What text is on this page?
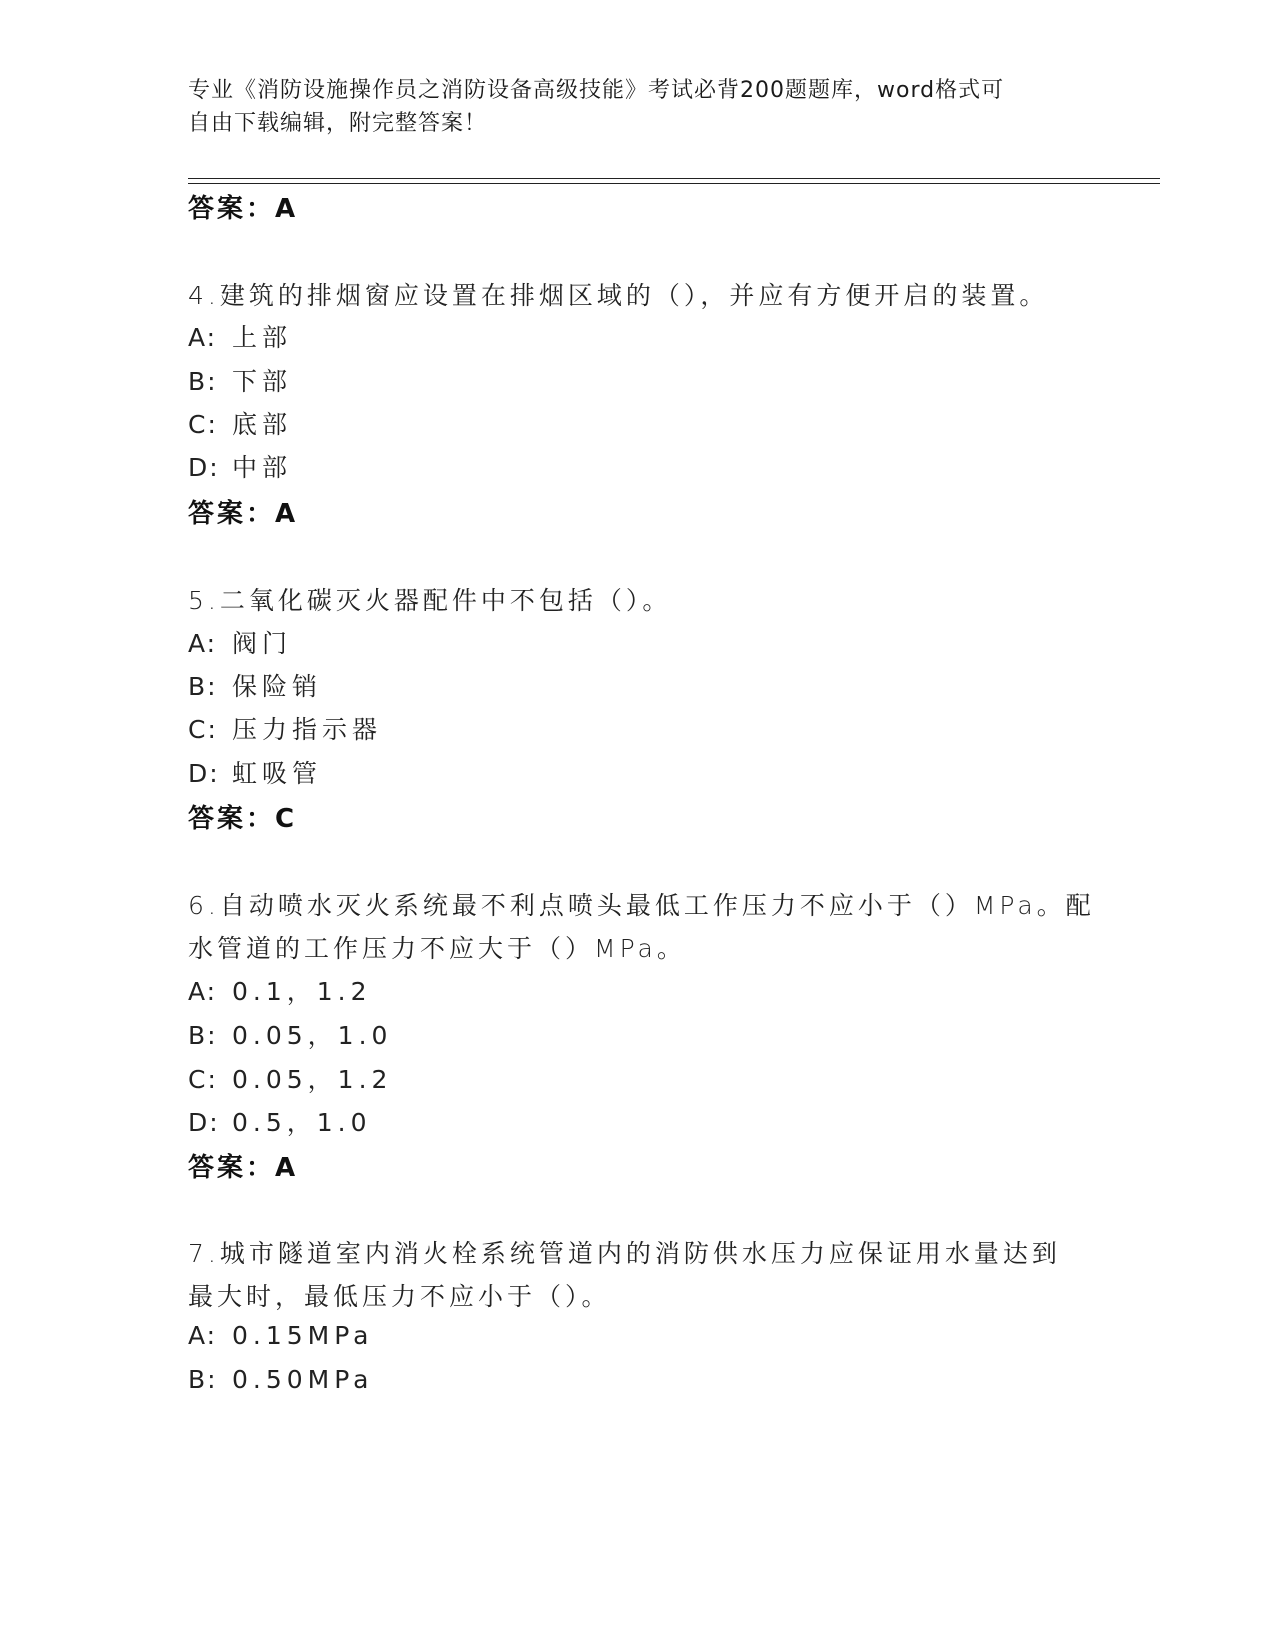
专业《消防设施操作员之消防设备高级技能》考试必背200题题库，word格式可
自由下载编辑，附完整答案！
答案：A
4.建筑的排烟窗应设置在排烟区域的（），并应有方便开启的装置。
A: 上部
B: 下部
C: 底部
D: 中部
答案：A
5.二氧化碳灭火器配件中不包括（）。
A: 阀门
B: 保险销
C: 压力指示器
D: 虹吸管
答案：C
6.自动喷水灭火系统最不利点喷头最低工作压力不应小于（）MPa。配
水管道的工作压力不应大于（）MPa。
A: 0.1，1.2
B: 0.05，1.0
C: 0.05，1.2
D: 0.5，1.0
答案：A
7.城市隧道室内消火栓系统管道内的消防供水压力应保证用水量达到
最大时，最低压力不应小于（）。
A: 0.15MPa
B: 0.50MPa
